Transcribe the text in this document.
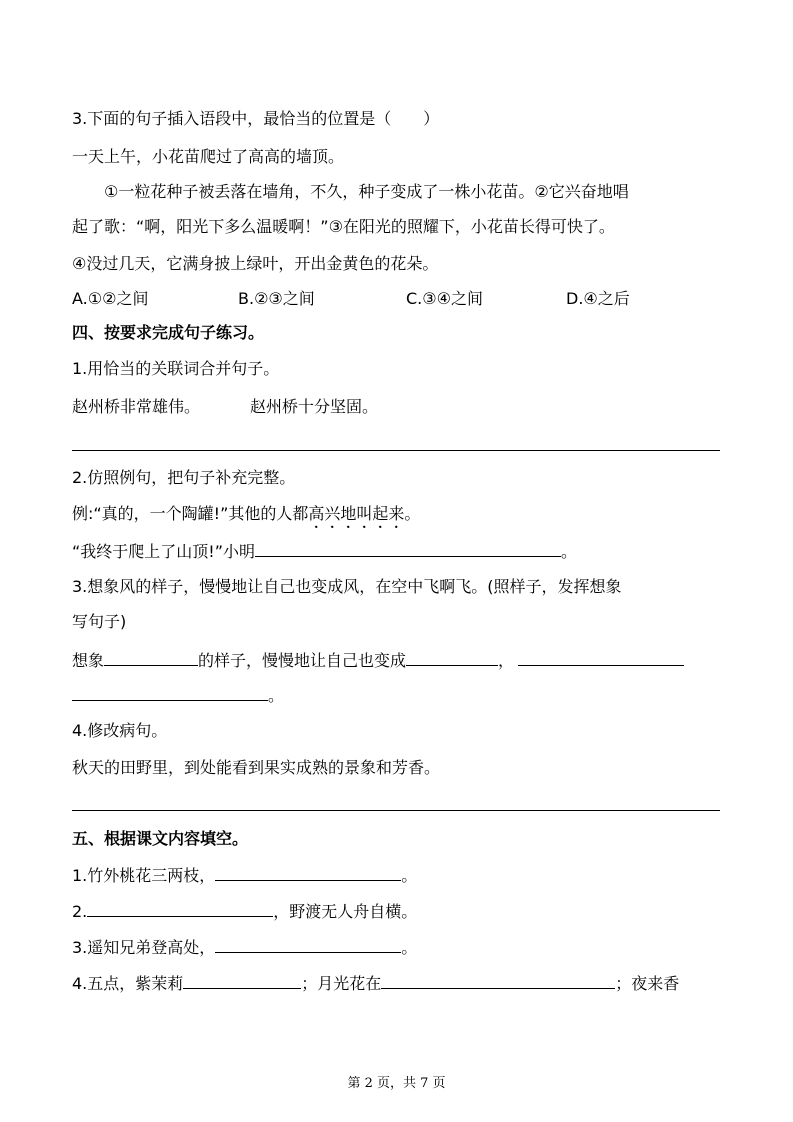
3.下面的句子插入语段中，最恰当的位置是（　　）
一天上午，小花苗爬过了高高的墙顶。
①一粒花种子被丢落在墙角，不久，种子变成了一株小花苗。②它兴奋地唱
起了歌：“啊，阳光下多么温暖啊！”③在阳光的照耀下，小花苗长得可快了。
④没过几天，它满身披上绿叶，开出金黄色的花朵。
A.①②之间	B.②③之间	C.③④之间	D.④之后
四、按要求完成句子练习。
1.用恰当的关联词合并句子。
赵州桥非常雄伟。	赵州桥十分坚固。
2.仿照例句，把句子补充完整。
例:“真的，一个陶罐!”其他的人都高兴地叫起来。
“我终于爬上了山顶!”小明	。
3.想象风的样子，慢慢地让自己也变成风，在空中飞啊飞。(照样子，发挥想象
写句子)
想象	的样子，慢慢地让自己也变成	，
。
4.修改病句。
秋天的田野里，到处能看到果实成熟的景象和芳香。
五、根据课文内容填空。
1.竹外桃花三两枝，	。
2.	，野渡无人舟自横。
3.遥知兄弟登高处，	。
4.五点，紫茉莉	；月光花在	；夜来香
第 2 页，共 7 页
